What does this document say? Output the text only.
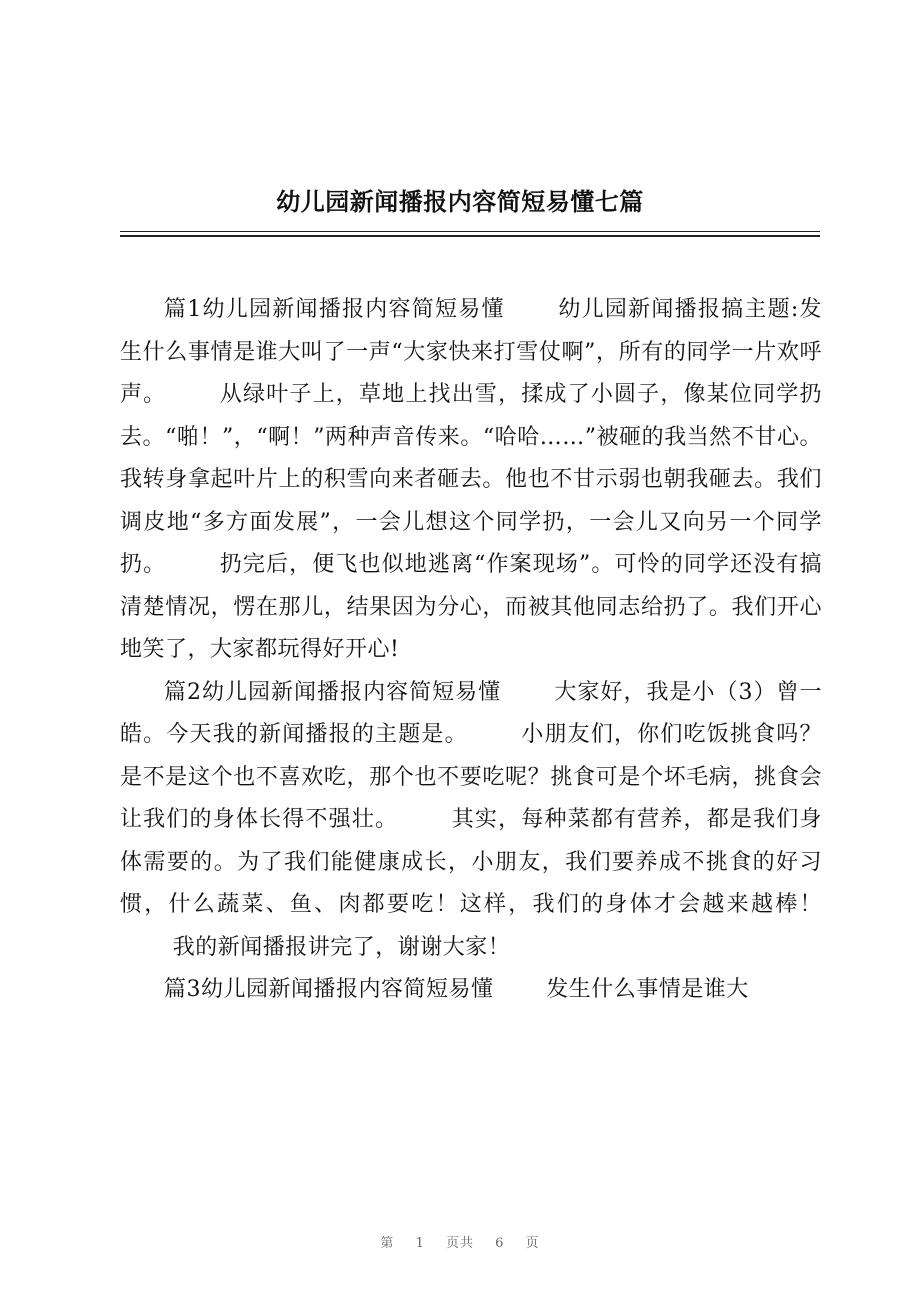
幼儿园新闻播报内容简短易懂七篇

篇1幼儿园新闻播报内容简短易懂 幼儿园新闻播报搞主题:发生什么事情是谁大叫了一声“大家快来打雪仗啊”，所有的同学一片欢呼声。 从绿叶子上，草地上找出雪，揉成了小圆子，像某位同学扔去。“啪！”，“啊！”两种声音传来。“哈哈……”被砸的我当然不甘心。我转身拿起叶片上的积雪向来者砸去。他也不甘示弱也朝我砸去。我们调皮地“多方面发展”，一会儿想这个同学扔，一会儿又向另一个同学扔。 扔完后，便飞也似地逃离“作案现场”。可怜的同学还没有搞清楚情况，愣在那儿，结果因为分心，而被其他同志给扔了。我们开心地笑了，大家都玩得好开心!

篇2幼儿园新闻播报内容简短易懂 大家好，我是小（3）曾一皓。今天我的新闻播报的主题是。 小朋友们，你们吃饭挑食吗？是不是这个也不喜欢吃，那个也不要吃呢？挑食可是个坏毛病，挑食会让我们的身体长得不强壮。 其实，每种菜都有营养，都是我们身体需要的。为了我们能健康成长，小朋友，我们要养成不挑食的好习惯，什么蔬菜、鱼、肉都要吃！这样，我们的身体才会越来越棒！我的新闻播报讲完了，谢谢大家！

篇3幼儿园新闻播报内容简短易懂 发生什么事情是谁大

第 1 页共 6 页
